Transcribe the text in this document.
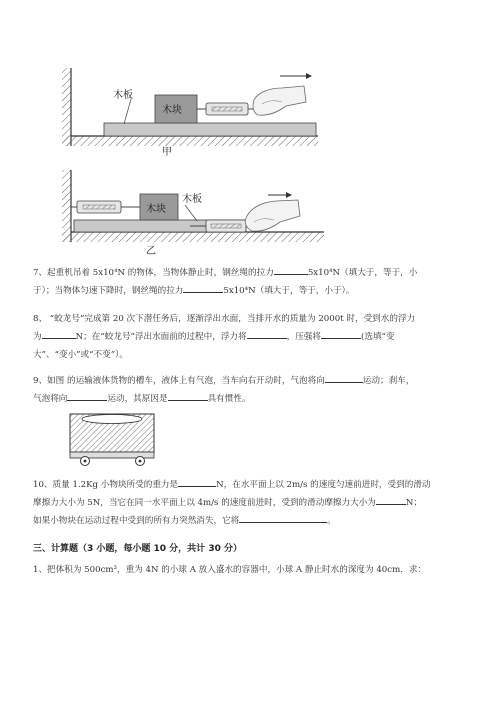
木板
木块
甲
木块
木板
乙
7、起重机吊着 5x10⁴N 的物体，当物体静止时，钢丝绳的拉力	5x10⁴N（填大于，等于，小
于）；当物体匀速下降时，钢丝绳的拉力	5x10⁴N（填大于，等于，小于）。
8、 “蛟龙号”完成第 20 次下潜任务后，逐渐浮出水面，当排开水的质量为 2000t 时，受到水的浮力
为	N；在“蛟龙号”浮出水面前的过程中，浮力将	，压强将	(选填“变
大”、“变小”或“不变”）。
9、如图 的运输液体货物的槽车，液体上有气泡，当车向右开动时，气泡将向	运动；刹车，
气泡将向	运动，其原因是	具有惯性。
10、质量 1.2Kg 小物块所受的重力是	N，在水平面上以 2m/s 的速度匀速前进时，受到的滑动
摩擦力大小为 5N，当它在同一水平面上以 4m/s 的速度前进时，受到的滑动摩擦力大小为	N；
如果小物块在运动过程中受到的所有力突然消失，它将	。
三、计算题（3 小题，每小题 10 分，共计 30 分）
1、把体积为 500cm³，重为 4N 的小球 A 放入盛水的容器中，小球 A 静止时水的深度为 40cm．求：
